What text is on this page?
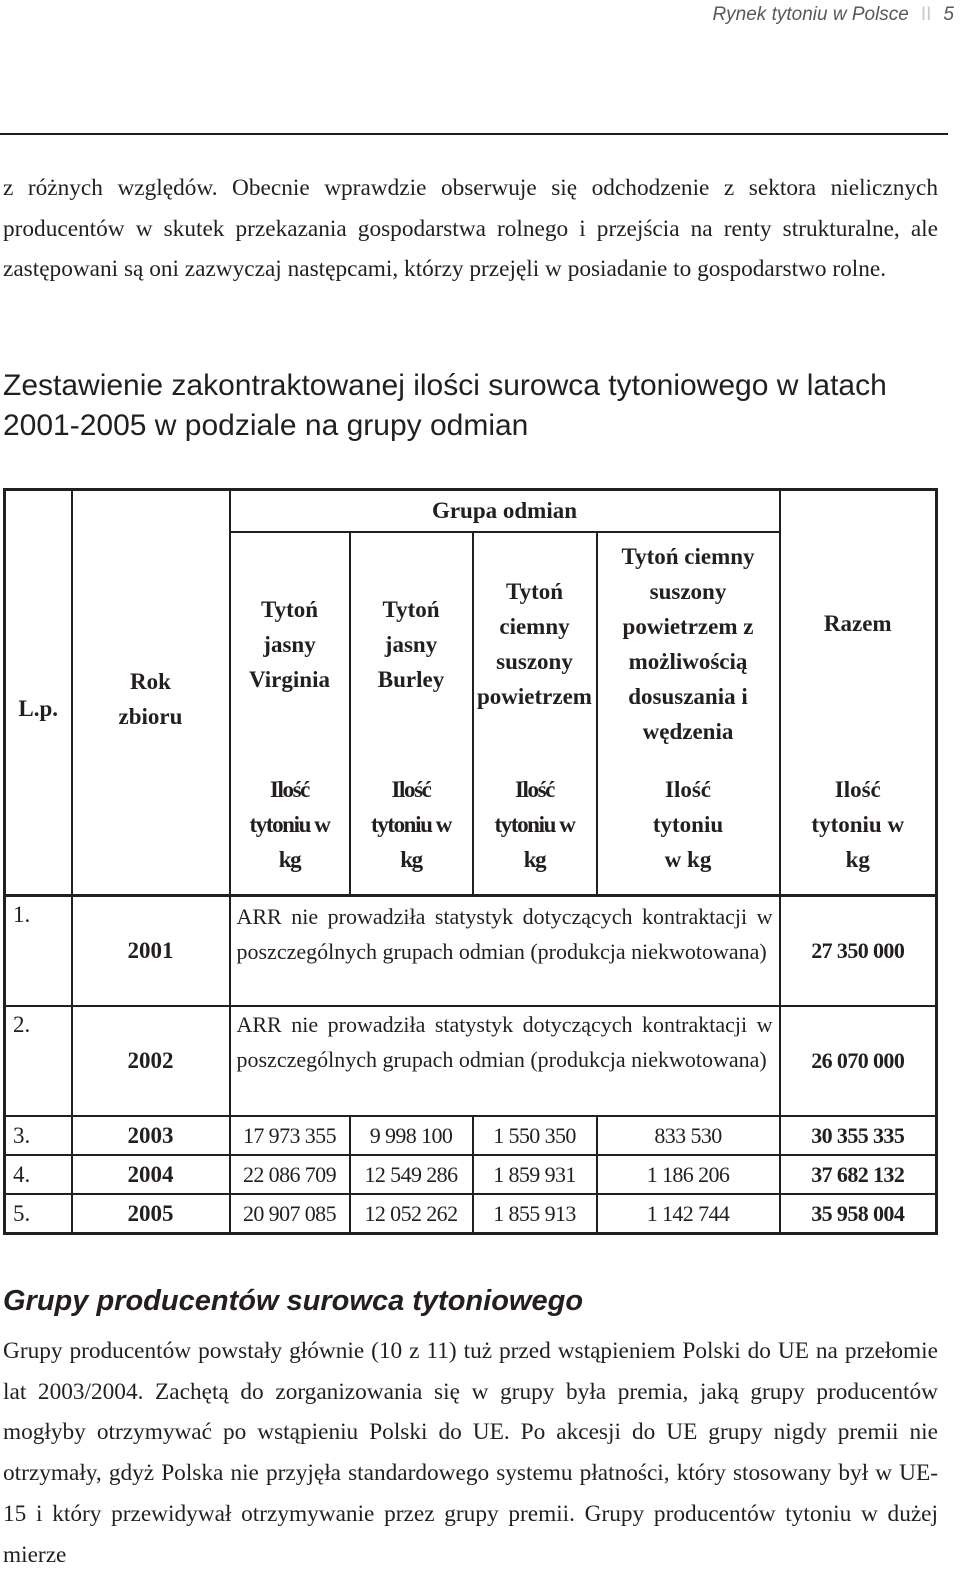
Rynek tytoniu w Polsce II 5

z różnych względów. Obecnie wprawdzie obserwuje się odchodzenie z sektora nielicznych producentów w skutek przekazania gospodarstwa rolnego i przejścia na renty strukturalne, ale zastępowani są oni zazwyczaj następcami, którzy przejęli w posiadanie to gospodarstwo rolne.

Zestawienie zakontraktowanej ilości surowca tytoniowego w latach 2001-2005 w podziale na grupy odmian
L.p.	Rok zbioru	Grupa odmian				Razem
		Tytoń jasny Virginia	Tytoń jasny Burley	Tytoń ciemny suszony powietrzem	Tytoń ciemny suszony powietrzem z możliwością dosuszania i wędzenia	
		Ilość tytoniu w kg	Ilość tytoniu w kg	Ilość tytoniu w kg	Ilość tytoniu w kg	Ilość tytoniu w kg
1.	2001	ARR nie prowadziła statystyk dotyczących kontraktacji w poszczególnych grupach odmian (produkcja niekwotowana)				27 350 000
2.	2002	ARR nie prowadziła statystyk dotyczących kontraktacji w poszczególnych grupach odmian (produkcja niekwotowana)				26 070 000
3.	2003	17 973 355	9 998 100	1 550 350	833 530	30 355 335
4.	2004	22 086 709	12 549 286	1 859 931	1 186 206	37 682 132
5.	2005	20 907 085	12 052 262	1 855 913	1 142 744	35 958 004
Grupy producentów surowca tytoniowego

Grupy producentów powstały głównie (10 z 11) tuż przed wstąpieniem Polski do UE na przełomie lat 2003/2004. Zachętą do zorganizowania się w grupy była premia, jaką grupy producentów mogłyby otrzymywać po wstąpieniu Polski do UE. Po akcesji do UE grupy nigdy premii nie otrzymały, gdyż Polska nie przyjęła standardowego systemu płatności, który stosowany był w UE-15 i który przewidywał otrzymywanie przez grupy premii. Grupy producentów tytoniu w dużej mierze
